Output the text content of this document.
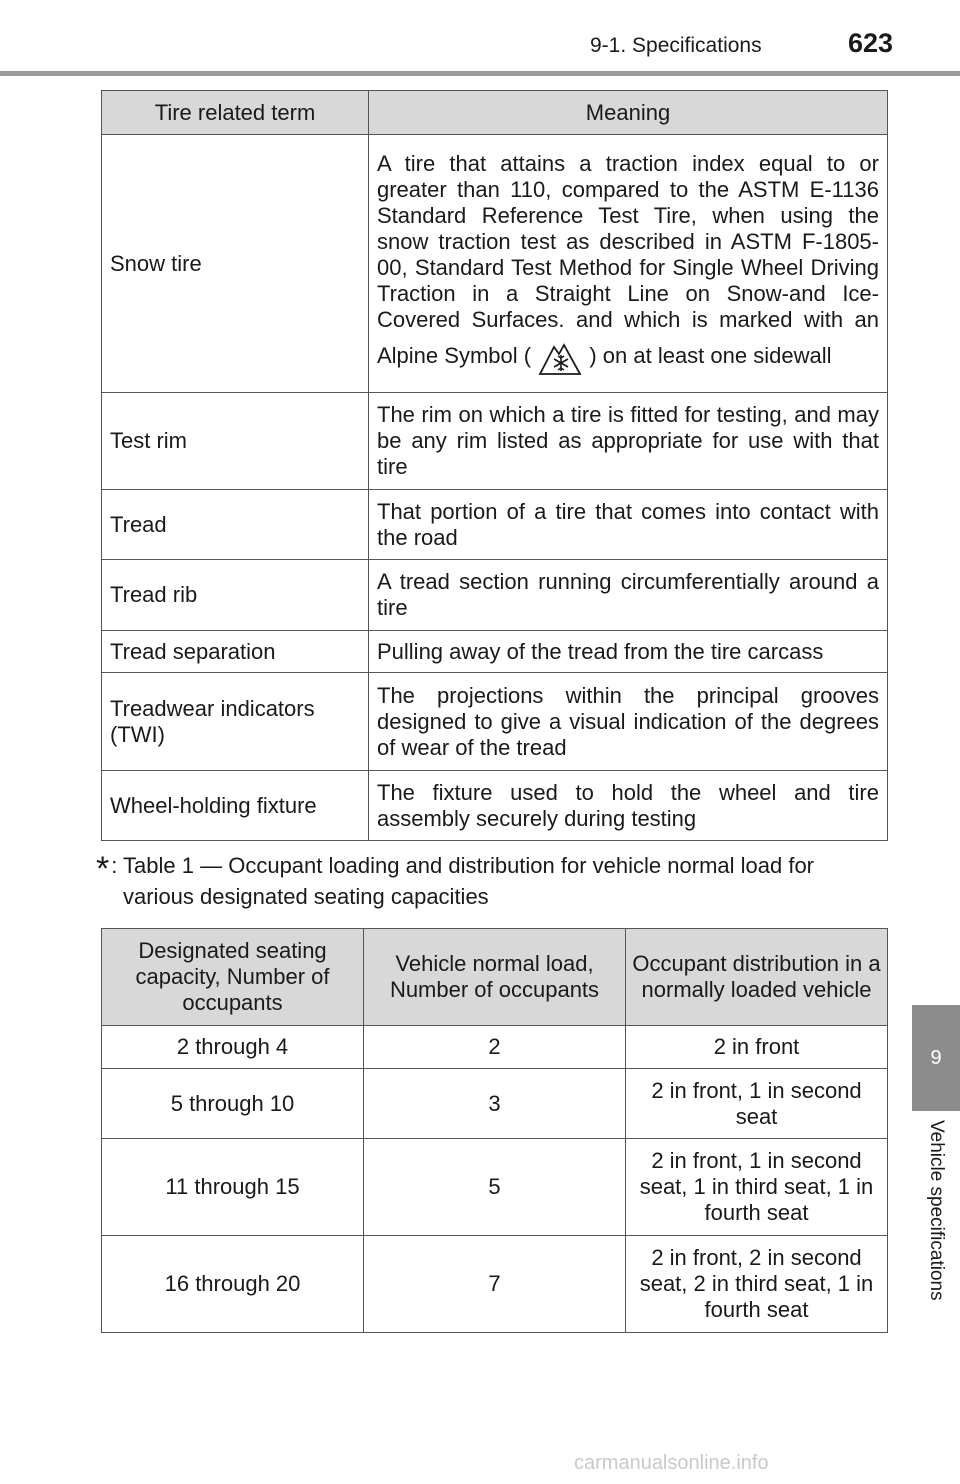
9-1. Specifications	623
9
Vehicle specifications
Tire related term	Meaning
Snow tire	A tire that attains a traction index equal to or greater than 110, compared to the ASTM E-1136 Standard Reference Test Tire, when using the snow traction test as described in ASTM F-1805-00, Standard Test Method for Single Wheel Driving Traction in a Straight Line on Snow-and Ice-Covered Surfaces. and which is marked with an Alpine Symbol ( ) on at least one sidewall
Test rim	The rim on which a tire is fitted for testing, and may be any rim listed as appropriate for use with that tire
Tread	That portion of a tire that comes into contact with the road
Tread rib	A tread section running circumferentially around a tire
Tread separation	Pulling away of the tread from the tire carcass
Treadwear indicators (TWI)	The projections within the principal grooves designed to give a visual indication of the degrees of wear of the tread
Wheel-holding fixture	The fixture used to hold the wheel and tire assembly securely during testing
*: Table 1 — Occupant loading and distribution for vehicle normal load for
various designated seating capacities
Designated seating capacity, Number of occupants	Vehicle normal load, Number of occupants	Occupant distribution in a normally loaded vehicle
2 through 4	2	2 in front
5 through 10	3	2 in front, 1 in second seat
11 through 15	5	2 in front, 1 in second seat, 1 in third seat, 1 in fourth seat
16 through 20	7	2 in front, 2 in second seat, 2 in third seat, 1 in fourth seat
carmanualsonline.info
